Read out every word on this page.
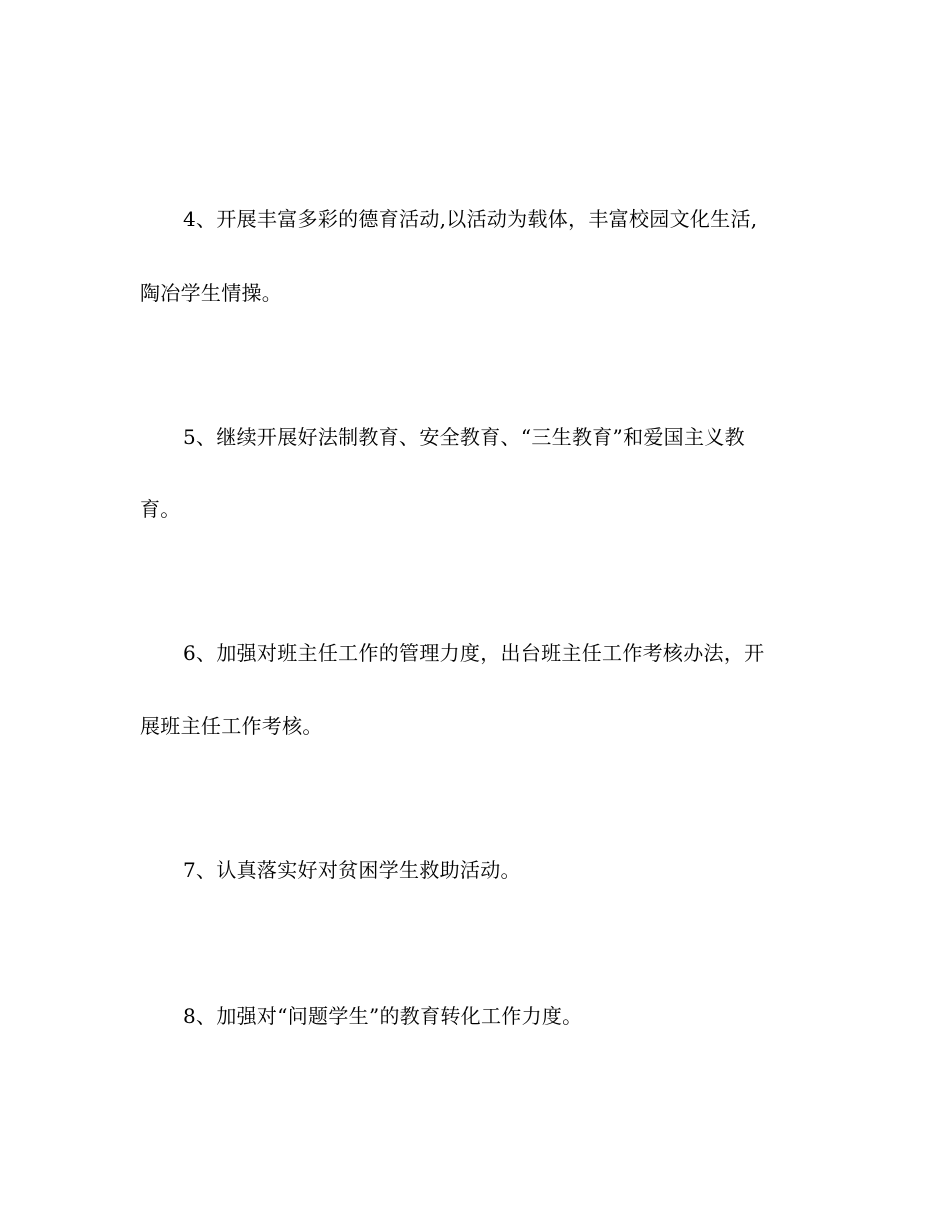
4、开展丰富多彩的德育活动,以活动为载体，丰富校园文化生活,
陶冶学生情操。
5、继续开展好法制教育、安全教育、“三生教育”和爱国主义教
育。
6、加强对班主任工作的管理力度，出台班主任工作考核办法，开
展班主任工作考核。
7、认真落实好对贫困学生救助活动。
8、加强对“问题学生”的教育转化工作力度。
